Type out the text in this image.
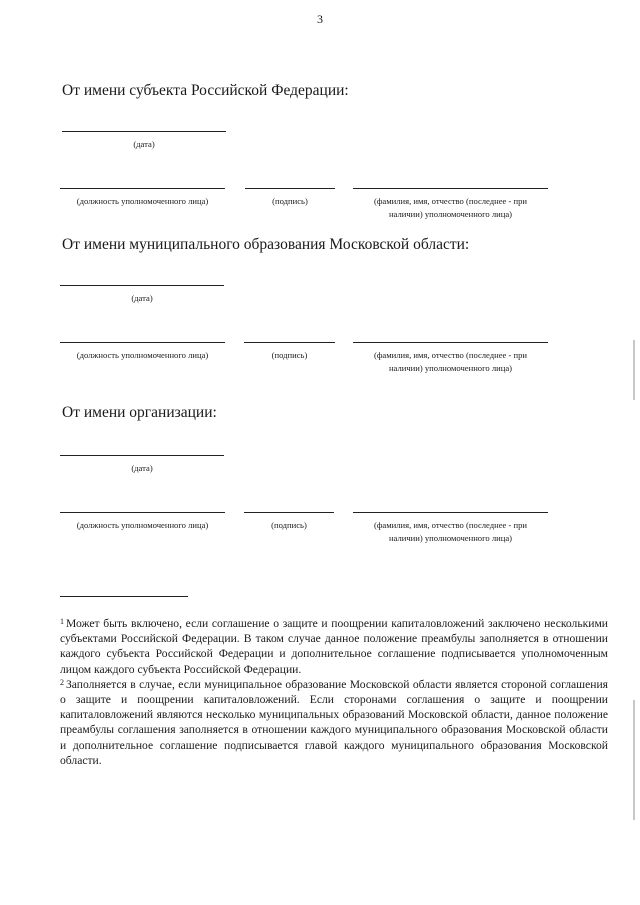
3
От имени субъекта Российской Федерации:
(дата)
(должность уполномоченного лица)	(подпись)	(фамилия, имя, отчество (последнее - при
наличии) уполномоченного лица)
От имени муниципального образования Московской области:
(дата)
(должность уполномоченного лица)	(подпись)	(фамилия, имя, отчество (последнее - при
наличии) уполномоченного лица)
От имени организации:
(дата)
(должность уполномоченного лица)	(подпись)	(фамилия, имя, отчество (последнее - при
наличии) уполномоченного лица)

$^1$ Может быть включено, если соглашение о защите и поощрении капиталовложений заключено несколькими субъектами Российской Федерации. В таком случае данное положение преамбулы заполняется в отношении каждого субъекта Российской Федерации и дополнительное соглашение подписывается уполномоченным лицом каждого субъекта Российской Федерации.

$^2$ Заполняется в случае, если муниципальное образование Московской области является стороной соглашения о защите и поощрении капиталовложений. Если сторонами соглашения о защите и поощрении капиталовложений являются несколько муниципальных образований Московской области, данное положение преамбулы соглашения заполняется в отношении каждого муниципального образования Московской области и дополнительное соглашение подписывается главой каждого муниципального образования Московской области.
